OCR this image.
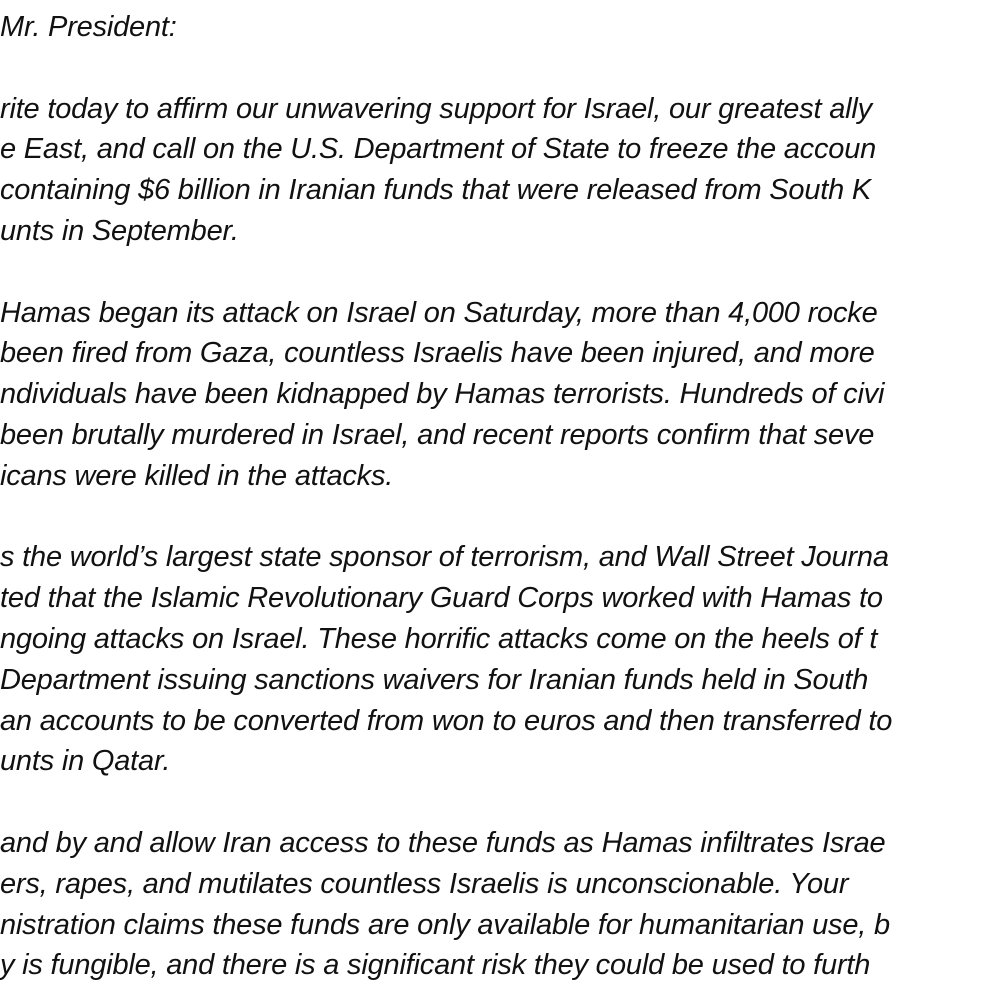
Mr. President:
rite today to affirm our unwavering support for Israel, our greatest ally
e East, and call on the U.S. Department of State to freeze the accoun
containing $6 billion in Iranian funds that were released from South K
unts in September.
Hamas began its attack on Israel on Saturday, more than 4,000 rocke
been fired from Gaza, countless Israelis have been injured, and more
ndividuals have been kidnapped by Hamas terrorists. Hundreds of civi
been brutally murdered in Israel, and recent reports confirm that seve
icans were killed in the attacks.
s the world’s largest state sponsor of terrorism, and Wall Street Journa
ted that the Islamic Revolutionary Guard Corps worked with Hamas to
ngoing attacks on Israel. These horrific attacks come on the heels of t
Department issuing sanctions waivers for Iranian funds held in South
an accounts to be converted from won to euros and then transferred to
unts in Qatar.
and by and allow Iran access to these funds as Hamas infiltrates Israe
ers, rapes, and mutilates countless Israelis is unconscionable. Your
nistration claims these funds are only available for humanitarian use, b
y is fungible, and there is a significant risk they could be used to furth
